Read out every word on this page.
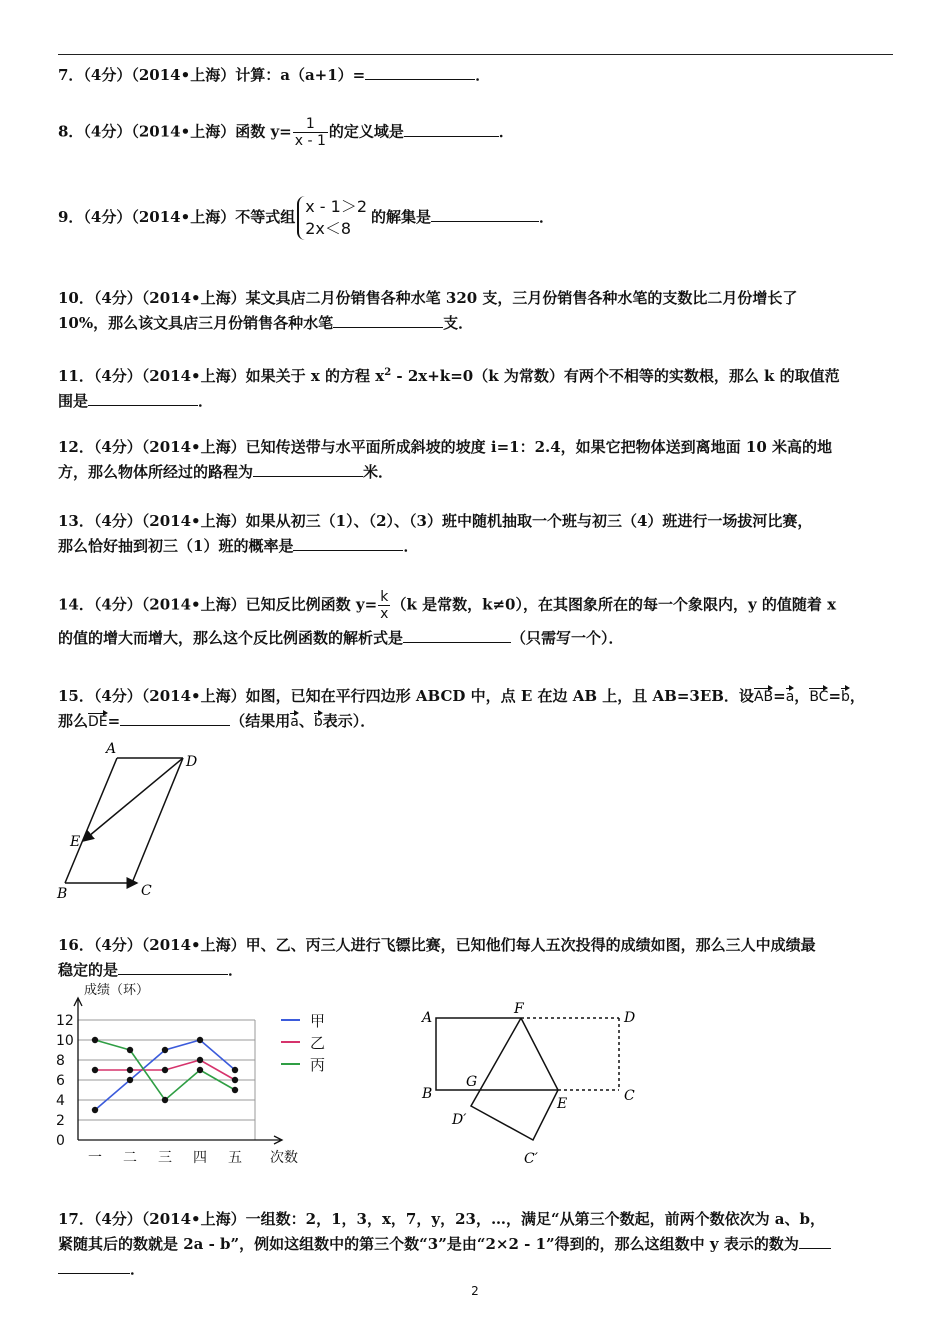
7．（4分）（2014•上海）计算：a（a+1）=	．
8．（4分）（2014•上海）函数 $y= \frac{1}{x - 1}$ 的定义域是	．
9．（4分）（2014•上海）不等式组
x - 1＞2
2x＜8
的解集是	．
10．（4分）（2014•上海）某文具店二月份销售各种水笔 320 支，三月份销售各种水笔的支数比二月份增长了
10%，那么该文具店三月份销售各种水笔	支．
11．（4分）（2014•上海）如果关于 x 的方程 $x^2 - 2x+k=0(k$ 为常数）有两个不相等的实数根，那么 k 的取值范
围是	．
12．（4分）（2014•上海）已知传送带与水平面所成斜坡的坡度 i=1：2.4，如果它把物体送到离地面 10 米高的地
方，那么物体所经过的路程为	米．
13．（4分）（2014•上海）如果从初三（1）、（2）、（3）班中随机抽取一个班与初三（4）班进行一场拔河比赛，
那么恰好抽到初三（1）班的概率是	．
14．（4分）（2014•上海）已知反比例函数 $y= \frac{k}{x} (k$ 是常数，k≠0），在其图象所在的每一个象限内，y 的值随着 x
的值的增大而增大，那么这个反比例函数的解析式是	（只需写一个）．
15．（4分）（2014•上海）如图，已知在平行四边形 ABCD 中，点 E 在边 AB 上，且 AB=3EB．设AB=a，BC=b，
那么DE=	（结果用a、b表示）．
A
D
E
B	C
16．（4分）（2014•上海）甲、乙、丙三人进行飞镖比赛，已知他们每人五次投得的成绩如图，那么三人中成绩最
稳定的是	．
0
2
4
6
8
10
12
一 二 三 四 五
成绩（环）
次数
甲
乙
丙
A
B
F
D
C
G
E
D′
C′
17．（4分）（2014•上海）一组数：2，1，3，x，7，y，23，…，满足“从第三个数起，前两个数依次为 a、b，
紧随其后的数就是 2a - b”，例如这组数中的第三个数“3”是由“2×2 - 1”得到的，那么这组数中 y 表示的数为
．
2
